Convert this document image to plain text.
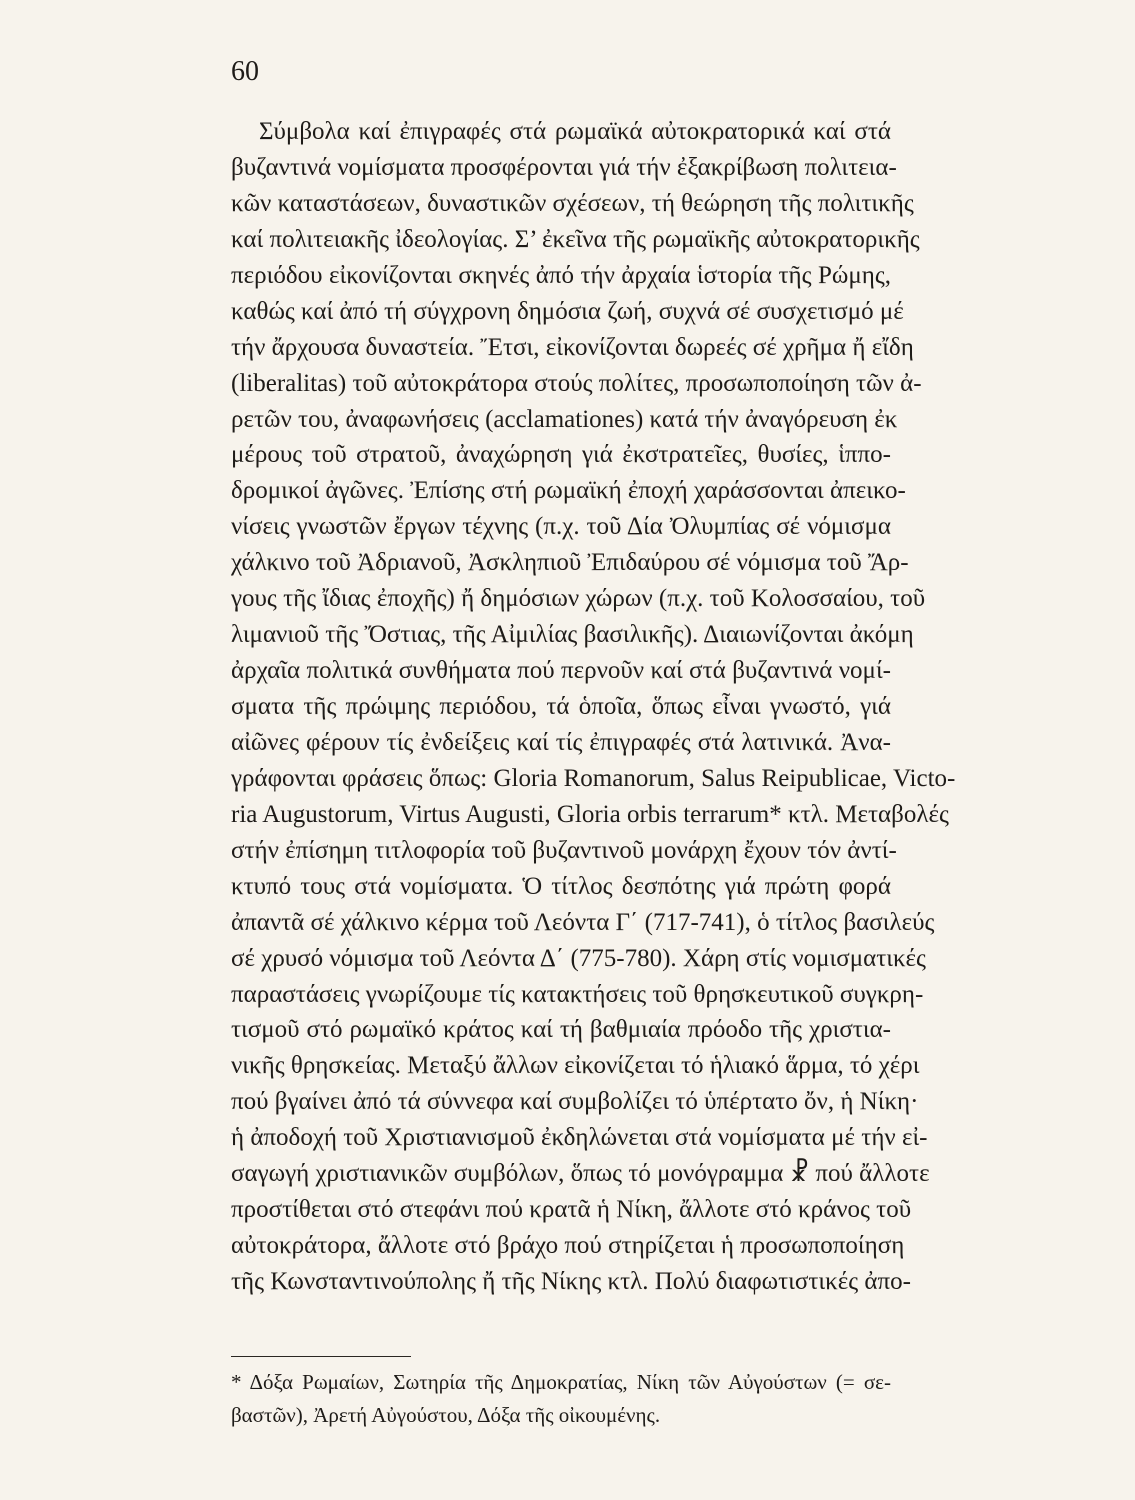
60
Σύμβολα καί ἐπιγραφές στά ρωμαϊκά αὐτοκρατορικά καί στά
βυζαντινά νομίσματα προσφέρονται γιά τήν ἐξακρίβωση πολιτεια-
κῶν καταστάσεων, δυναστικῶν σχέσεων, τή θεώρηση τῆς πολιτικῆς
καί πολιτειακῆς ἰδεολογίας. Σ’ ἐκεῖνα τῆς ρωμαϊκῆς αὐτοκρατορικῆς
περιόδου εἰκονίζονται σκηνές ἀπό τήν ἀρχαία ἱστορία τῆς Ρώμης,
καθώς καί ἀπό τή σύγχρονη δημόσια ζωή, συχνά σέ συσχετισμό μέ
τήν ἄρχουσα δυναστεία. Ἔτσι, εἰκονίζονται δωρεές σέ χρῆμα ἤ εἴδη
(liberalitas) τοῦ αὐτοκράτορα στούς πολίτες, προσωποποίηση τῶν ἀ-
ρετῶν του, ἀναφωνήσεις (acclamationes) κατά τήν ἀναγόρευση ἐκ
μέρους τοῦ στρατοῦ, ἀναχώρηση γιά ἐκστρατεῖες, θυσίες, ἱππο-
δρομικοί ἀγῶνες. Ἐπίσης στή ρωμαϊκή ἐποχή χαράσσονται ἀπεικο-
νίσεις γνωστῶν ἔργων τέχνης (π.χ. τοῦ Δία Ὀλυμπίας σέ νόμισμα
χάλκινο τοῦ Ἀδριανοῦ, Ἀσκληπιοῦ Ἐπιδαύρου σέ νόμισμα τοῦ Ἄρ-
γους τῆς ἴδιας ἐποχῆς) ἤ δημόσιων χώρων (π.χ. τοῦ Κολοσσαίου, τοῦ
λιμανιοῦ τῆς Ὄστιας, τῆς Αἰμιλίας βασιλικῆς). Διαιωνίζονται ἀκόμη
ἀρχαῖα πολιτικά συνθήματα πού περνοῦν καί στά βυζαντινά νομί-
σματα τῆς πρώιμης περιόδου, τά ὁποῖα, ὅπως εἶναι γνωστό, γιά
αἰῶνες φέρουν τίς ἐνδείξεις καί τίς ἐπιγραφές στά λατινικά. Ἀνα-
γράφονται φράσεις ὅπως: Gloria Romanorum, Salus Reipublicae, Victo-
ria Augustorum, Virtus Augusti, Gloria orbis terrarum* κτλ. Μεταβολές
στήν ἐπίσημη τιτλοφορία τοῦ βυζαντινοῦ μονάρχη ἔχουν τόν ἀντί-
κτυπό τους στά νομίσματα. Ὁ τίτλος δεσπότης γιά πρώτη φορά
ἀπαντᾶ σέ χάλκινο κέρμα τοῦ Λεόντα Γ΄ (717-741), ὁ τίτλος βασιλεύς
σέ χρυσό νόμισμα τοῦ Λεόντα Δ΄ (775-780). Χάρη στίς νομισματικές
παραστάσεις γνωρίζουμε τίς κατακτήσεις τοῦ θρησκευτικοῦ συγκρη-
τισμοῦ στό ρωμαϊκό κράτος καί τή βαθμιαία πρόοδο τῆς χριστια-
νικῆς θρησκείας. Μεταξύ ἄλλων εἰκονίζεται τό ἡλιακό ἅρμα, τό χέρι
πού βγαίνει ἀπό τά σύννεφα καί συμβολίζει τό ὑπέρτατο ὄν, ἡ Νίκη·
ἡ ἀποδοχή τοῦ Χριστιανισμοῦ ἐκδηλώνεται στά νομίσματα μέ τήν εἰ-
σαγωγή χριστιανικῶν συμβόλων, ὅπως τό μονόγραμμα ☧ πού ἄλλοτε
προστίθεται στό στεφάνι πού κρατᾶ ἡ Νίκη, ἄλλοτε στό κράνος τοῦ
αὐτοκράτορα, ἄλλοτε στό βράχο πού στηρίζεται ἡ προσωποποίηση
τῆς Κωνσταντινούπολης ἤ τῆς Νίκης κτλ. Πολύ διαφωτιστικές ἀπο-
* Δόξα Ρωμαίων, Σωτηρία τῆς Δημοκρατίας, Νίκη τῶν Αὐγούστων (= σε-
βαστῶν), Ἀρετή Αὐγούστου, Δόξα τῆς οἰκουμένης.
